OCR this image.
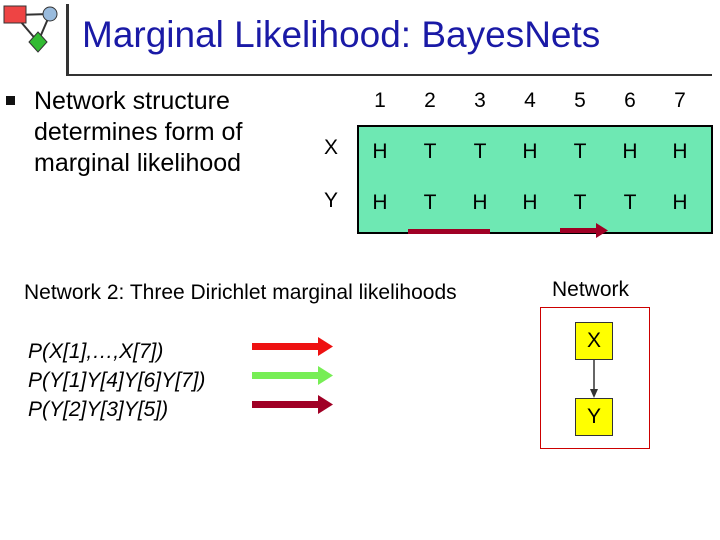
Marginal Likelihood: BayesNets
Network structure determines form of marginal likelihood
1 2 3 4 5 6 7
X
Y
H T T H T H H
H T H H T T H
Network 2: Three Dirichlet marginal likelihoods
P(X[1],…,X[7])
P(Y[1]Y[4]Y[6]Y[7])
P(Y[2]Y[3]Y[5])
Network
X
Y
